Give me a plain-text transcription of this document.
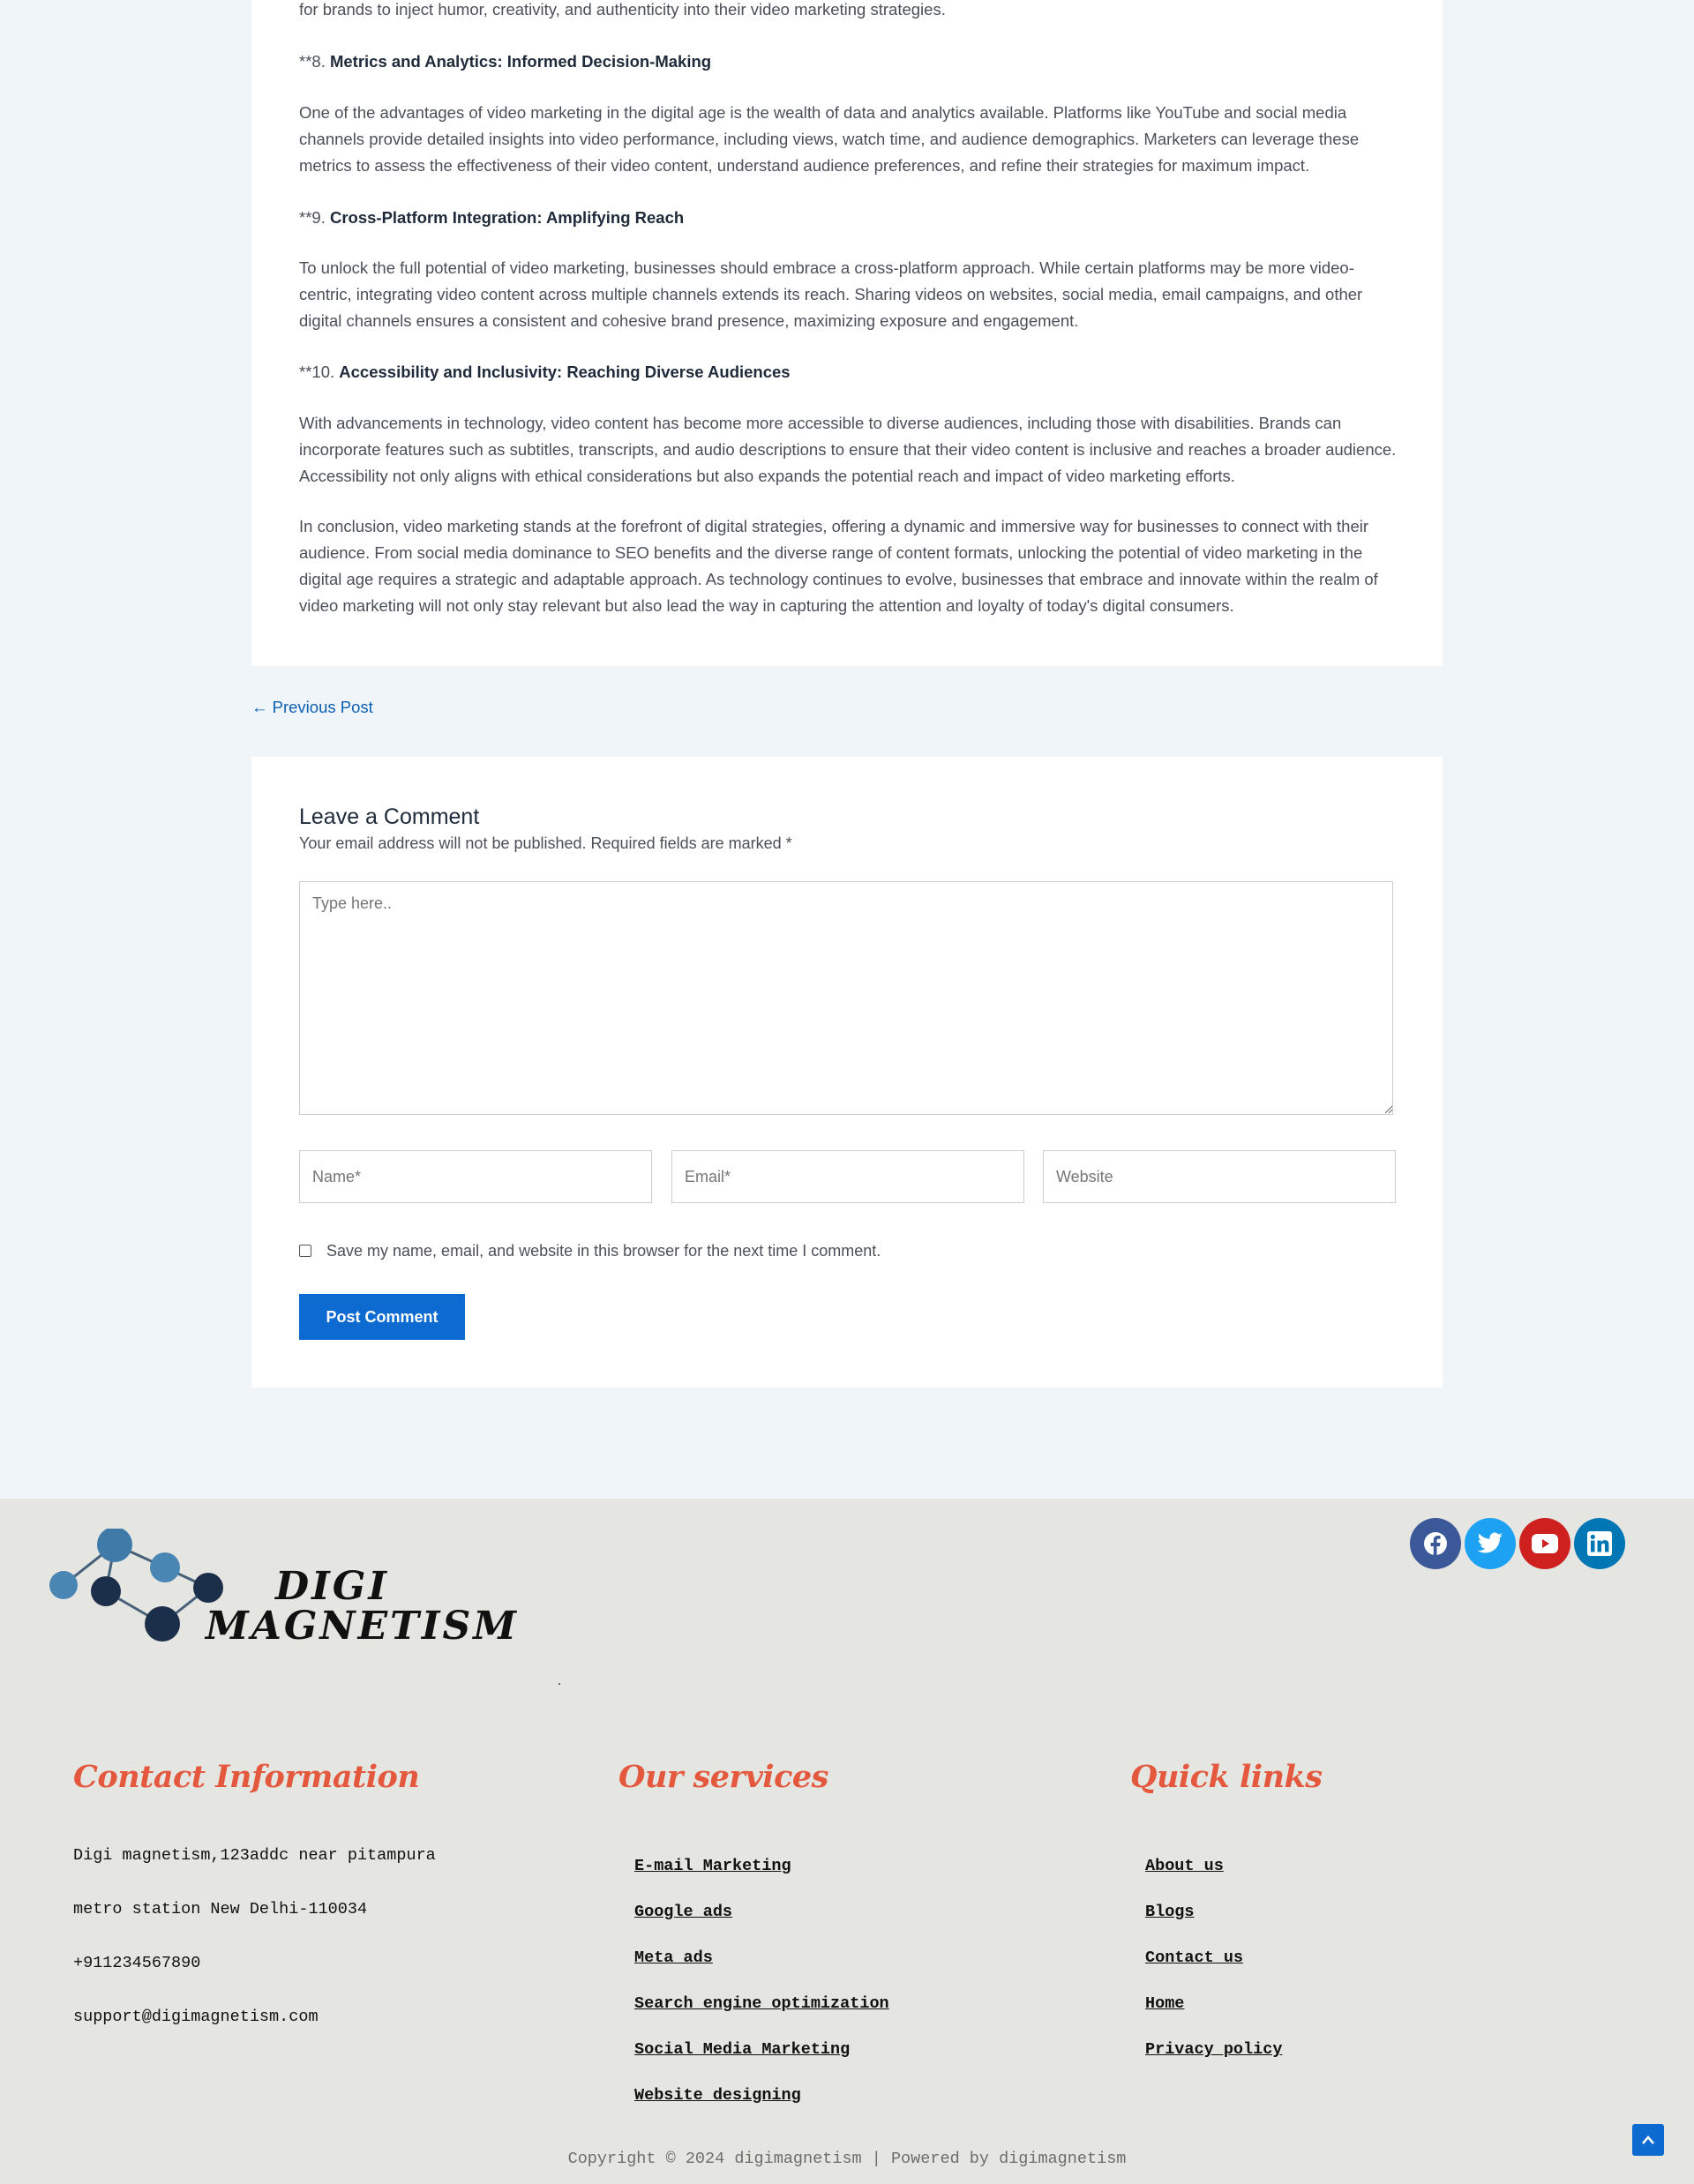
for brands to inject humor, creativity, and authenticity into their video marketing strategies.

**8. Metrics and Analytics: Informed Decision-Making

One of the advantages of video marketing in the digital age is the wealth of data and analytics available. Platforms like YouTube and social media channels provide detailed insights into video performance, including views, watch time, and audience demographics. Marketers can leverage these metrics to assess the effectiveness of their video content, understand audience preferences, and refine their strategies for maximum impact.

**9. Cross-Platform Integration: Amplifying Reach

To unlock the full potential of video marketing, businesses should embrace a cross-platform approach. While certain platforms may be more video-centric, integrating video content across multiple channels extends its reach. Sharing videos on websites, social media, email campaigns, and other digital channels ensures a consistent and cohesive brand presence, maximizing exposure and engagement.

**10. Accessibility and Inclusivity: Reaching Diverse Audiences

With advancements in technology, video content has become more accessible to diverse audiences, including those with disabilities. Brands can incorporate features such as subtitles, transcripts, and audio descriptions to ensure that their video content is inclusive and reaches a broader audience. Accessibility not only aligns with ethical considerations but also expands the potential reach and impact of video marketing efforts.

In conclusion, video marketing stands at the forefront of digital strategies, offering a dynamic and immersive way for businesses to connect with their audience. From social media dominance to SEO benefits and the diverse range of content formats, unlocking the potential of video marketing in the digital age requires a strategic and adaptable approach. As technology continues to evolve, businesses that embrace and innovate within the realm of video marketing will not only stay relevant but also lead the way in capturing the attention and loyalty of today's digital consumers.

← Previous Post
Leave a Comment

Your email address will not be published. Required fields are marked *

Type here..
Name*
Email*
Website
Save my name, email, and website in this browser for the next time I comment.
Post Comment
DIGI
MAGNETISM
Contact Information

Digi magnetism,123addc near pitampura

metro station New Delhi-110034

+911234567890

support@digimagnetism.com

Our services
E-mail Marketing
Google ads
Meta ads
Search engine optimization
Social Media Marketing
Website designing
Quick links
About us
Blogs
Contact us
Home
Privacy policy
Copyright © 2024 digimagnetism | Powered by digimagnetism
